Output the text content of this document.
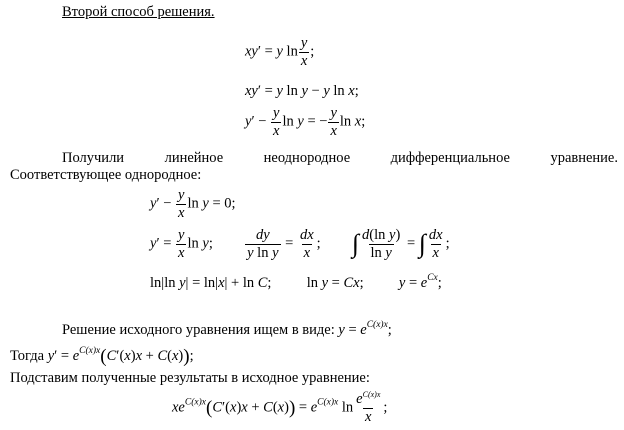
Второй способ решения.
xy′ = y $\ln \frac{y}{x}$ ;
xy′ = y ln y − y ln x;
$y' - \frac{y}{x}$ ln y = − $\frac{y}{x}$ ln x;
Получили	линейное	неоднородное	дифференциальное	уравнение.
Соответствующее однородное:
$y' - \frac{y}{x}$ ln y = 0;
$y' = \frac{y}{x}$ ln y; $\frac{dy}{\text{y ln y}} = \frac{dx}{x}$ ;  ∫ $\frac{\text{d(ln y)}}{\text{ln y}}$ = ∫ $\frac{dx}{x}$ ;
ln|ln y| = ln|x| + ln C;  ln y = Cx;  $y = e^{Cx}$;
Решение исходного уравнения ищем в виде: $y = e^{C(x)x}$;
Тогда $y' = e^{C(x)x}(C'(x)x + C(x))$;
Подставим полученные результаты в исходное уравнение:
$xe^{C(x)x}(C'(x)x + C(x)) = e^{C(x)x}$ $\ln \frac{e^{C(x)x}}{x}$ ;
